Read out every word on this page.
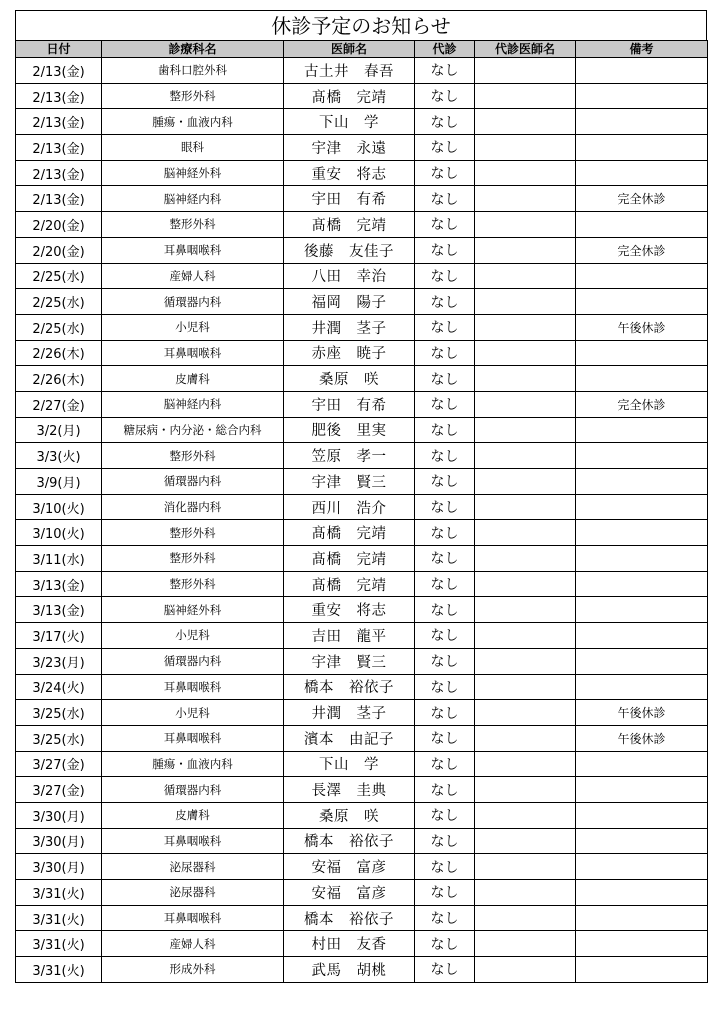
休診予定のお知らせ
日付	診療科名	医師名	代診	代診医師名	備考
2/13(金)	歯科口腔外科	古土井　春吾	なし		
2/13(金)	整形外科	髙橋　完靖	なし		
2/13(金)	腫瘍・血液内科	下山　学	なし		
2/13(金)	眼科	宇津　永遠	なし		
2/13(金)	脳神経外科	重安　将志	なし		
2/13(金)	脳神経内科	宇田　有希	なし		完全休診
2/20(金)	整形外科	髙橋　完靖	なし		
2/20(金)	耳鼻咽喉科	後藤　友佳子	なし		完全休診
2/25(水)	産婦人科	八田　幸治	なし		
2/25(水)	循環器内科	福岡　陽子	なし		
2/25(水)	小児科	井潤　茎子	なし		午後休診
2/26(木)	耳鼻咽喉科	赤座　暁子	なし		
2/26(木)	皮膚科	桑原　咲	なし		
2/27(金)	脳神経内科	宇田　有希	なし		完全休診
3/2(月)	糖尿病・内分泌・総合内科	肥後　里実	なし		
3/3(火)	整形外科	笠原　孝一	なし		
3/9(月)	循環器内科	宇津　賢三	なし		
3/10(火)	消化器内科	西川　浩介	なし		
3/10(火)	整形外科	髙橋　完靖	なし		
3/11(水)	整形外科	髙橋　完靖	なし		
3/13(金)	整形外科	髙橋　完靖	なし		
3/13(金)	脳神経外科	重安　将志	なし		
3/17(火)	小児科	吉田　龍平	なし		
3/23(月)	循環器内科	宇津　賢三	なし		
3/24(火)	耳鼻咽喉科	橋本　裕依子	なし		
3/25(水)	小児科	井潤　茎子	なし		午後休診
3/25(水)	耳鼻咽喉科	濱本　由記子	なし		午後休診
3/27(金)	腫瘍・血液内科	下山　学	なし		
3/27(金)	循環器内科	長澤　圭典	なし		
3/30(月)	皮膚科	桑原　咲	なし		
3/30(月)	耳鼻咽喉科	橋本　裕依子	なし		
3/30(月)	泌尿器科	安福　富彦	なし		
3/31(火)	泌尿器科	安福　富彦	なし		
3/31(火)	耳鼻咽喉科	橋本　裕依子	なし		
3/31(火)	産婦人科	村田　友香	なし		
3/31(火)	形成外科	武馬　胡桃	なし		
